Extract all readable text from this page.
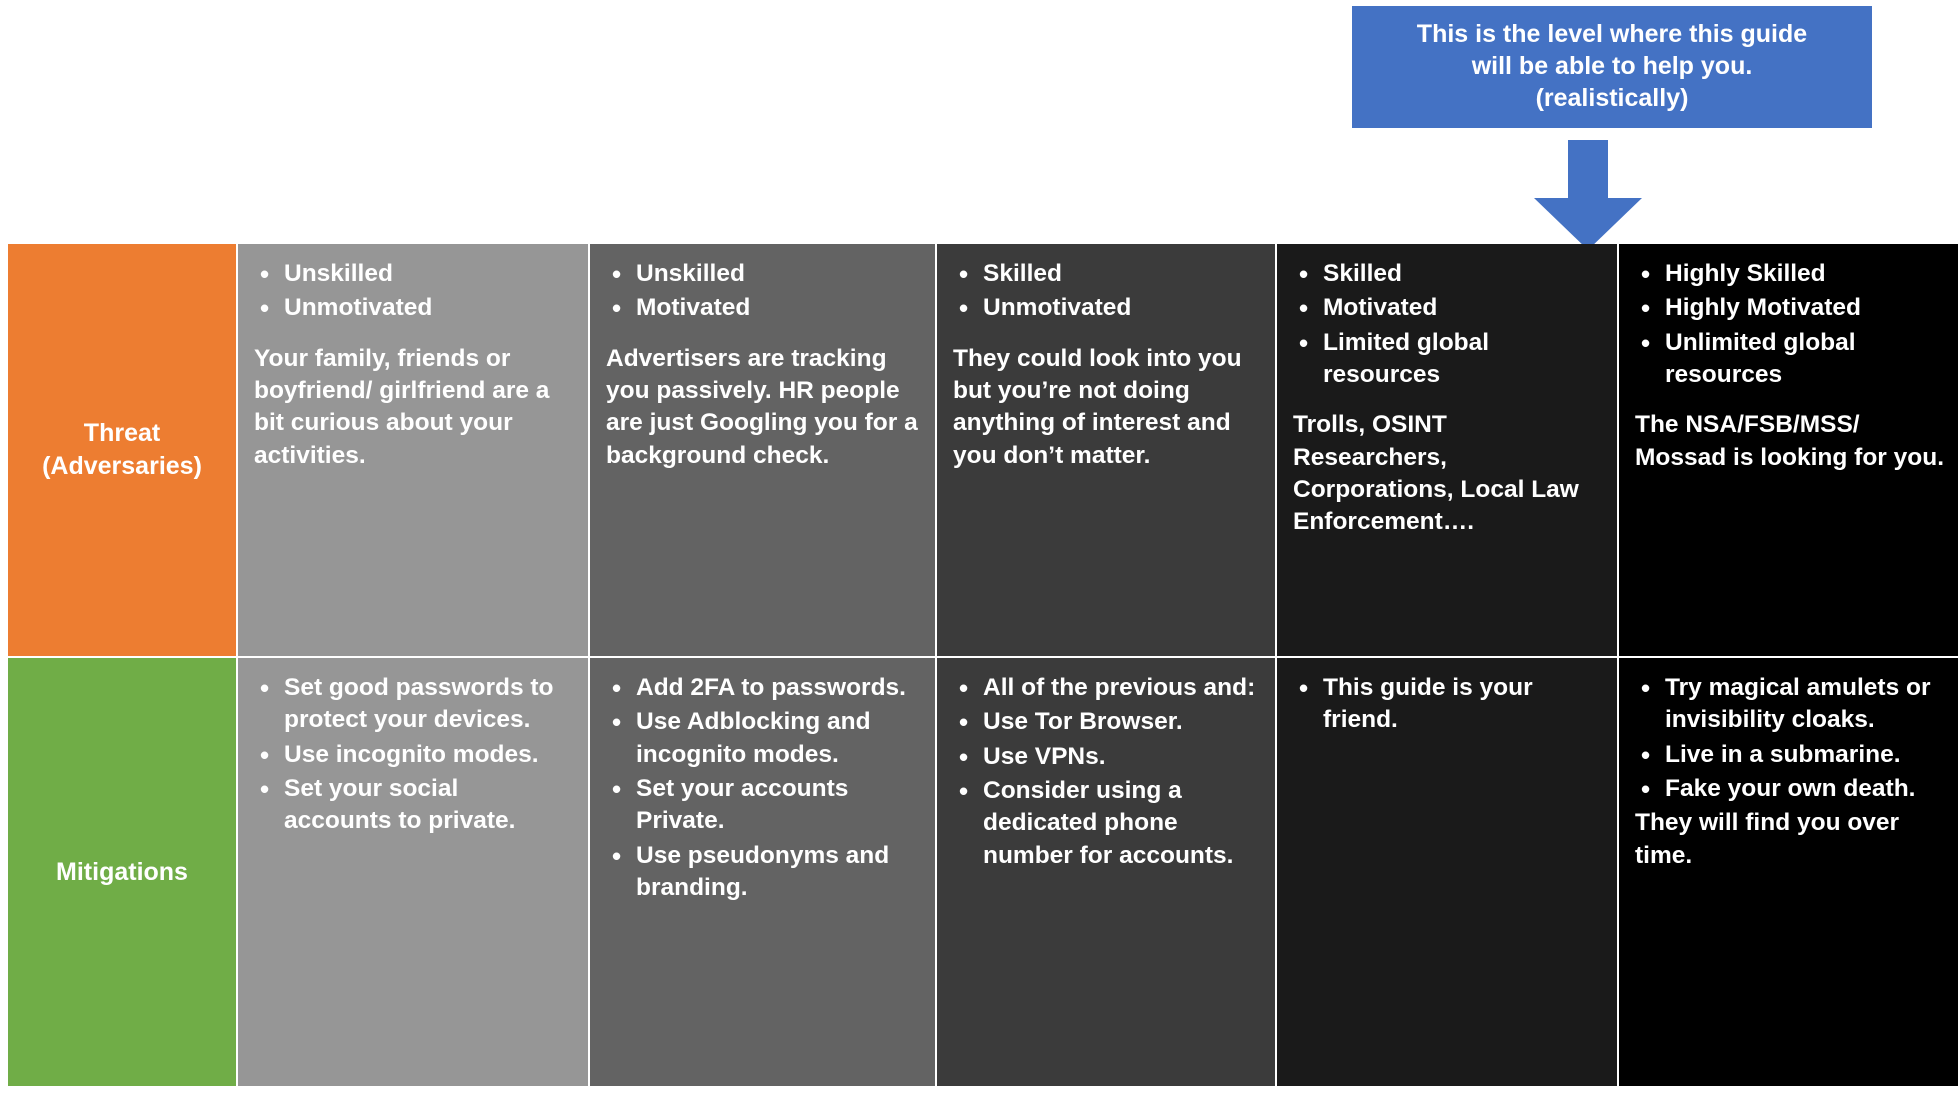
This is the level where this guide
will be able to help you.
(realistically)
Threat
(Adversaries)
• Unskilled
• Unmotivated

Your family, friends or boyfriend/ girlfriend are a bit curious about your activities.

• Unskilled
• Motivated

Advertisers are tracking you passively. HR people are just Googling you for a background check.

• Skilled
• Unmotivated

They could look into you but you’re not doing anything of interest and you don’t matter.

• Skilled
• Motivated
• Limited global resources

Trolls, OSINT Researchers, Corporations, Local Law Enforcement….

• Highly Skilled
• Highly Motivated
• Unlimited global resources

The NSA/FSB/MSS/ Mossad is looking for you.

Mitigations
• Set good passwords to protect your devices.
• Use incognito modes.
• Set your social accounts to private.
• Add 2FA to passwords.
• Use Adblocking and incognito modes.
• Set your accounts Private.
• Use pseudonyms and branding.
• All of the previous and:
• Use Tor Browser.
• Use VPNs.
• Consider using a dedicated phone number for accounts.
• This guide is your friend.
• Try magical amulets or invisibility cloaks.
• Live in a submarine.
• Fake your own death.

They will find you over time.
